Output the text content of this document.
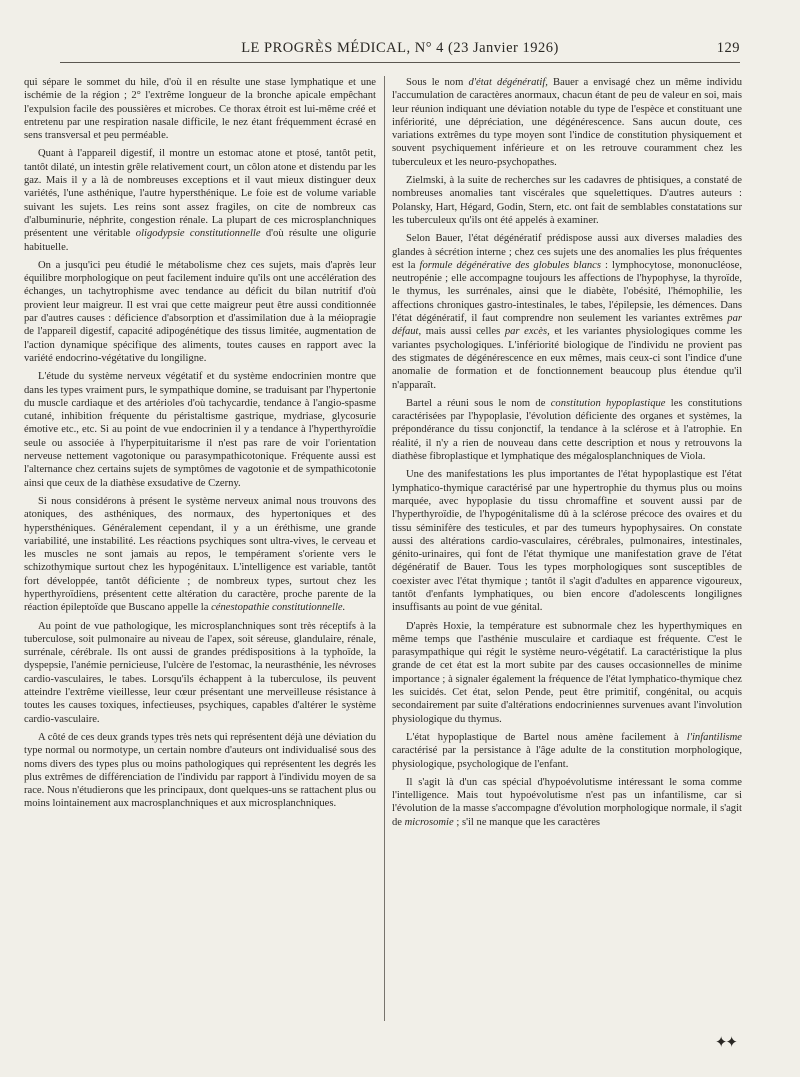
LE PROGRÈS MÉDICAL, N° 4 (23 Janvier 1926)	129

qui sépare le sommet du hile, d'où il en résulte une stase lymphatique et une ischémie de la région ; 2° l'extrême longueur de la bronche apicale empêchant l'expulsion facile des poussières et microbes. Ce thorax étroit est lui-même créé et entretenu par une respiration nasale difficile, le nez étant fréquemment écrasé en sens transversal et peu perméable.

Quant à l'appareil digestif, il montre un estomac atone et ptosé, tantôt petit, tantôt dilaté, un intestin grêle relativement court, un côlon atone et distendu par les gaz. Mais il y a là de nombreuses exceptions et il vaut mieux distinguer deux variétés, l'une asthénique, l'autre hypersthénique. Le foie est de volume variable suivant les sujets. Les reins sont assez fragiles, on cite de nombreux cas d'albuminurie, néphrite, congestion rénale. La plupart de ces microsplanchniques présentent une véritable oligodypsie constitutionnelle d'où résulte une oligurie habituelle.

On a jusqu'ici peu étudié le métabolisme chez ces sujets, mais d'après leur équilibre morphologique on peut facilement induire qu'ils ont une accélération des échanges, un tachytrophisme avec tendance au déficit du bilan nutritif d'où provient leur maigreur. Il est vrai que cette maigreur peut être aussi conditionnée par d'autres causes : déficience d'absorption et d'assimilation due à la méiopragie de l'appareil digestif, capacité adipogénétique des tissus limitée, augmentation de l'action dynamique spécifique des aliments, toutes causes en rapport avec la variété endocrino-végétative du longiligne.

L'étude du système nerveux végétatif et du système endocrinien montre que dans les types vraiment purs, le sympathique domine, se traduisant par l'hypertonie du muscle cardiaque et des artérioles d'où tachycardie, tendance à l'angio-spasme cutané, inhibition fréquente du péristaltisme gastrique, mydriase, glycosurie émotive etc., etc. Si au point de vue endocrinien il y a tendance à l'hyperthyroïdie seule ou associée à l'hyperpituitarisme il n'est pas rare de voir l'orientation nerveuse nettement vagotonique ou parasympathicotonique. Fréquente aussi est l'alternance chez certains sujets de symptômes de vagotonie et de sympathicotonie ainsi que ceux de la diathèse exsudative de Czerny.

Si nous considérons à présent le système nerveux animal nous trouvons des atoniques, des asthéniques, des normaux, des hypertoniques et des hypersthéniques. Généralement cependant, il y a un éréthisme, une grande variabilité, une instabilité. Les réactions psychiques sont ultra-vives, le cerveau et les muscles ne sont jamais au repos, le tempérament s'oriente vers le schizothymique surtout chez les hypogénitaux. L'intelligence est variable, tantôt fort développée, tantôt déficiente ; de nombreux types, surtout chez les hyperthyroïdiens, présentent cette altération du caractère, proche parente de la réaction épileptoïde que Buscano appelle la cénestopathie constitutionnelle.

Au point de vue pathologique, les microsplanchniques sont très réceptifs à la tuberculose, soit pulmonaire au niveau de l'apex, soit séreuse, glandulaire, rénale, surrénale, cérébrale. Ils ont aussi de grandes prédispositions à la typhoïde, la dyspepsie, l'anémie pernicieuse, l'ulcère de l'estomac, la neurasthénie, les névroses cardio-vasculaires, le tabes. Lorsqu'ils échappent à la tuberculose, ils peuvent atteindre l'extrême vieillesse, leur cœur présentant une merveilleuse résistance à toutes les causes toxiques, infectieuses, psychiques, capables d'altérer le système cardio-vasculaire.

A côté de ces deux grands types très nets qui représentent déjà une déviation du type normal ou normotype, un certain nombre d'auteurs ont individualisé sous des noms divers des types plus ou moins pathologiques qui représentent les degrés les plus extrêmes de différenciation de l'individu par rapport à l'individu moyen de sa race. Nous n'étudierons que les principaux, dont quelques-uns se rattachent plus ou moins lointainement aux macrosplanchniques et aux microsplanchniques.

Sous le nom d'état dégénératif, Bauer a envisagé chez un même individu l'accumulation de caractères anormaux, chacun étant de peu de valeur en soi, mais leur réunion indiquant une déviation notable du type de l'espèce et constituant une infériorité, une dépréciation, une dégénérescence. Sans aucun doute, ces variations extrêmes du type moyen sont l'indice de constitution physiquement et souvent psychiquement inférieure et on les retrouve couramment chez les tuberculeux et les neuro-psychopathes.

Zielmski, à la suite de recherches sur les cadavres de phtisiques, a constaté de nombreuses anomalies tant viscérales que squelettiques. D'autres auteurs : Polansky, Hart, Hégard, Godin, Stern, etc. ont fait de semblables constatations sur les tuberculeux qu'ils ont été appelés à examiner.

Selon Bauer, l'état dégénératif prédispose aussi aux diverses maladies des glandes à sécrétion interne ; chez ces sujets une des anomalies les plus fréquentes est la formule dégénérative des globules blancs : lymphocytose, mononucléose, neutropénie ; elle accompagne toujours les affections de l'hypophyse, la thyroïde, le thymus, les surrénales, ainsi que le diabète, l'obésité, l'hémophilie, les affections chroniques gastro-intestinales, le tabes, l'épilepsie, les démences. Dans l'état dégénératif, il faut comprendre non seulement les variantes extrêmes par défaut, mais aussi celles par excès, et les variantes physiologiques comme les variantes psychologiques. L'infériorité biologique de l'individu ne provient pas des stigmates de dégénérescence en eux mêmes, mais ceux-ci sont l'indice d'une anomalie de formation et de fonctionnement beaucoup plus étendue qu'il n'apparaît.

Bartel a réuni sous le nom de constitution hypoplastique les constitutions caractérisées par l'hypoplasie, l'évolution déficiente des organes et systèmes, la prépondérance du tissu conjonctif, la tendance à la sclérose et à l'atrophie. En réalité, il n'y a rien de nouveau dans cette description et nous y retrouvons la diathèse fibroplastique et lymphatique des mégalosplanchniques de Viola.

Une des manifestations les plus importantes de l'état hypoplastique est l'état lymphatico-thymique caractérisé par une hypertrophie du thymus plus ou moins marquée, avec hypoplasie du tissu chromaffine et souvent aussi par de l'hyperthyroïdie, de l'hypogénitalisme dû à la sclérose précoce des ovaires et du tissu séminifère des testicules, et par des tumeurs hypophysaires. On constate aussi des altérations cardio-vasculaires, cérébrales, pulmonaires, intestinales, génito-urinaires, qui font de l'état thymique une manifestation grave de l'état dégénératif de Bauer. Tous les types morphologiques sont susceptibles de coexister avec l'état thymique ; tantôt il s'agit d'adultes en apparence vigoureux, tantôt d'enfants lymphatiques, ou bien encore d'adolescents longilignes insuffisants au point de vue génital.

D'après Hoxie, la température est subnormale chez les hyperthymiques en même temps que l'asthénie musculaire et cardiaque est fréquente. C'est le parasympathique qui régit le système neuro-végétatif. La caractéristique la plus grande de cet état est la mort subite par des causes occasionnelles de minime importance ; à signaler également la fréquence de l'état lymphatico-thymique chez les suicidés. Cet état, selon Pende, peut être primitif, congénital, ou acquis secondairement par suite d'altérations endocriniennes survenues avant l'involution physiologique du thymus.

L'état hypoplastique de Bartel nous amène facilement à l'infantilisme caractérisé par la persistance à l'âge adulte de la constitution morphologique, physiologique, psychologique de l'enfant.

Il s'agit là d'un cas spécial d'hypoévolutisme intéressant le soma comme l'intelligence. Mais tout hypoévolutisme n'est pas un infantilisme, car si l'évolution de la masse s'accompagne d'évolution morphologique normale, il s'agit de microsomie ; s'il ne manque que les caractères

✦✦
